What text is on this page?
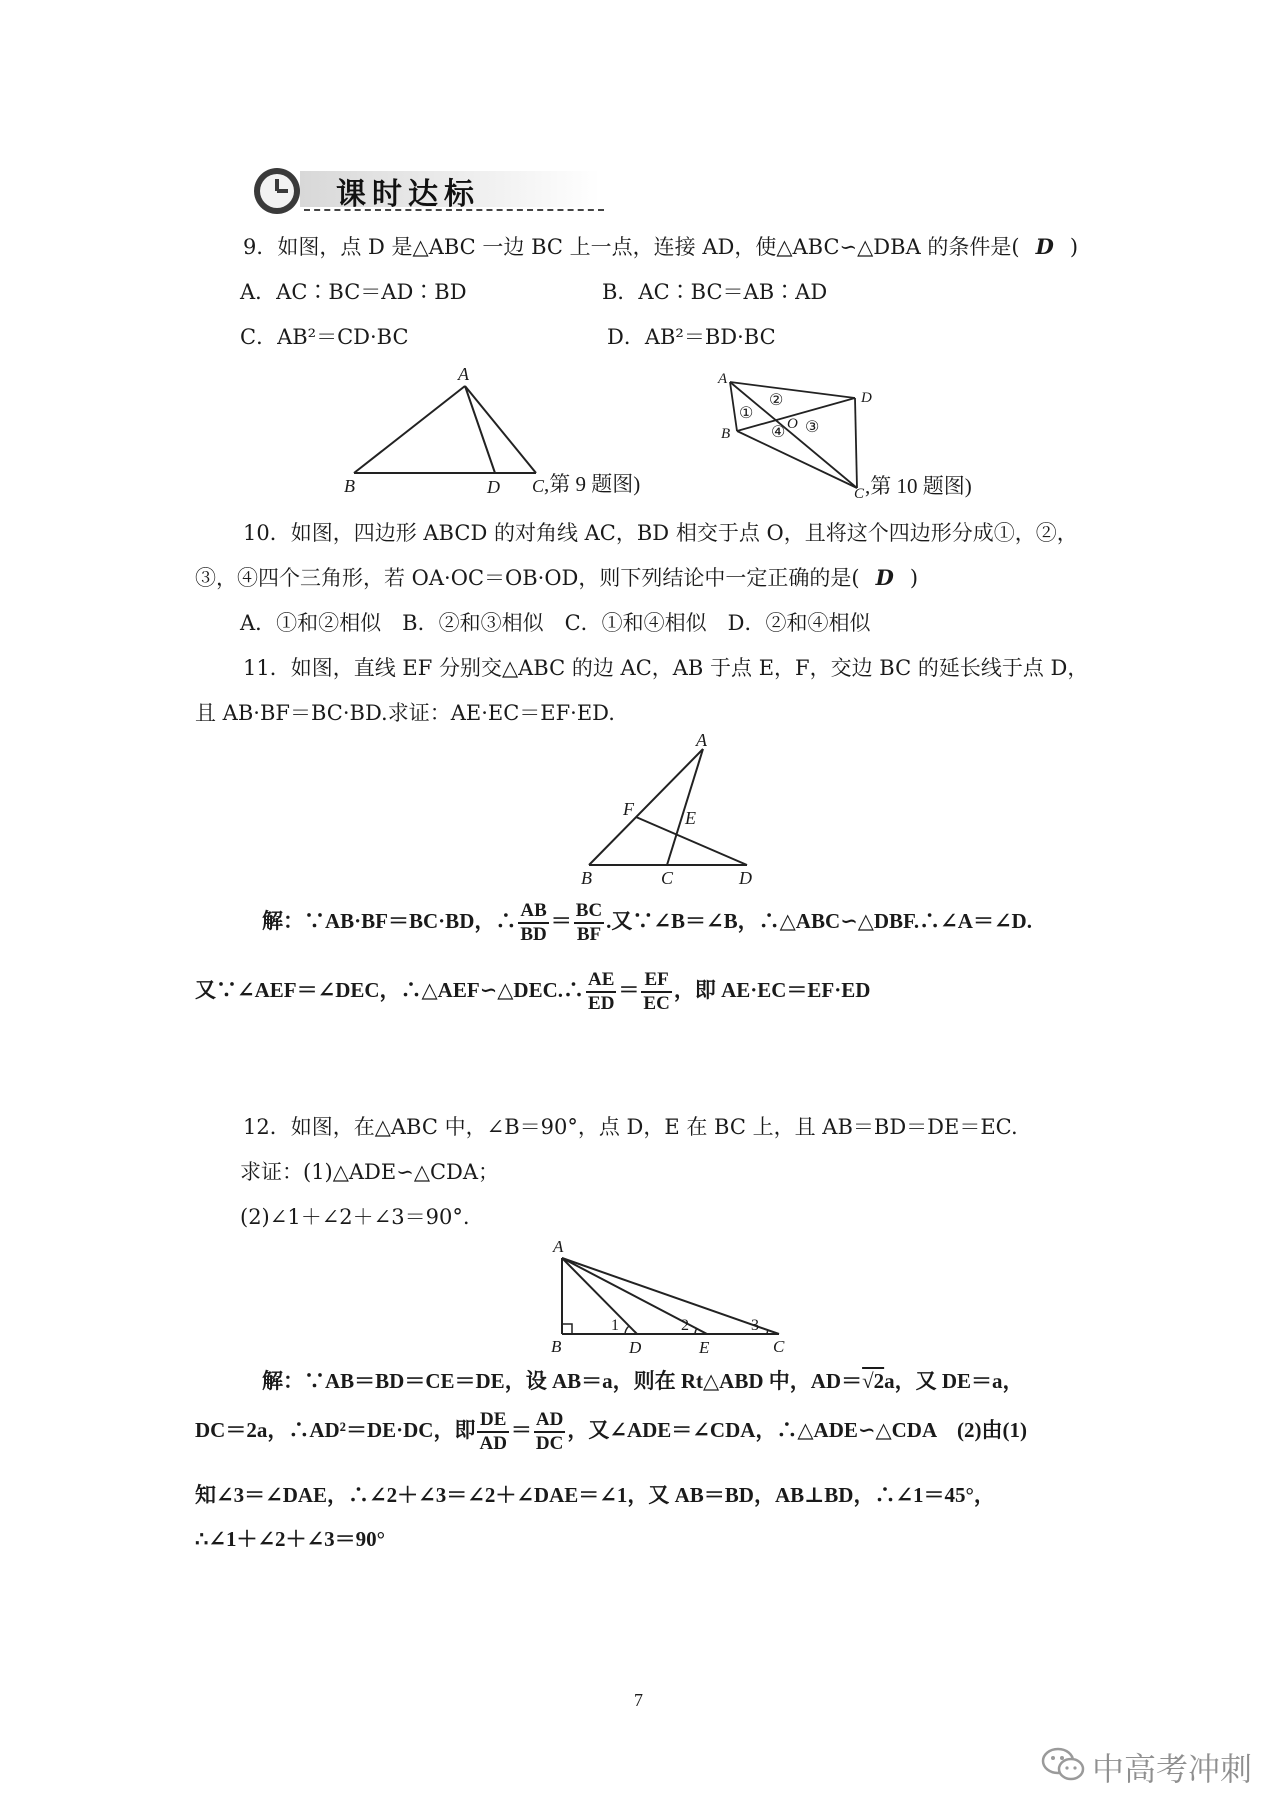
课时达标
9．如图，点 D 是△ABC 一边 BC 上一点，连接 AD，使△ABC∽△DBA 的条件是( D )
A．AC∶BC＝AD∶BD	B．AC∶BC＝AB∶AD
C．AB²＝CD·BC	D．AB²＝BD·BC
A
B	D C ,第 9 题图)
A
D
B
C
O
①
②
③
④
,第 10 题图)
10．如图，四边形 ABCD 的对角线 AC，BD 相交于点 O，且将这个四边形分成①，②，
③，④四个三角形，若 OA·OC＝OB·OD，则下列结论中一定正确的是( D )
A．①和②相似　B．②和③相似　C．①和④相似　D．②和④相似
11．如图，直线 EF 分别交△ABC 的边 AC，AB 于点 E，F，交边 BC 的延长线于点 D，
且 AB·BF＝BC·BD.求证：AE·EC＝EF·ED.
A
F	E
B	C	D
解：∵AB·BF＝BC·BD，∴ $\frac{AB}{BD} = \frac{BC}{BF}$ .又∵∠B＝∠B，∴△ABC∽△DBF.∴∠A＝∠D.
又∵∠AEF＝∠DEC，∴△AEF∽△DEC.∴ $\frac{AE}{ED} = \frac{EF}{EC}$ ，即 AE·EC＝EF·ED
12．如图，在△ABC 中，∠B＝90°，点 D，E 在 BC 上，且 AB＝BD＝DE＝EC.
求证：(1)△ADE∽△CDA；
(2)∠1＋∠2＋∠3＝90°.
A
B	D	E	C
1	2	3
解：∵AB＝BD＝CE＝DE，设 AB＝a，则在 Rt△ABD 中，AD＝√2a，又 DE＝a，
DC＝2a，∴AD²＝DE·DC，即 $\frac{DE}{AD} = \frac{AD}{DC}$ ，又∠ADE＝∠CDA，∴△ADE∽△CDA　(2)由(1)
知∠3＝∠DAE，∴∠2＋∠3＝∠2＋∠DAE＝∠1，又 AB＝BD，AB⊥BD，∴∠1＝45°，
∴∠1＋∠2＋∠3＝90°
7
中高考冲刺
